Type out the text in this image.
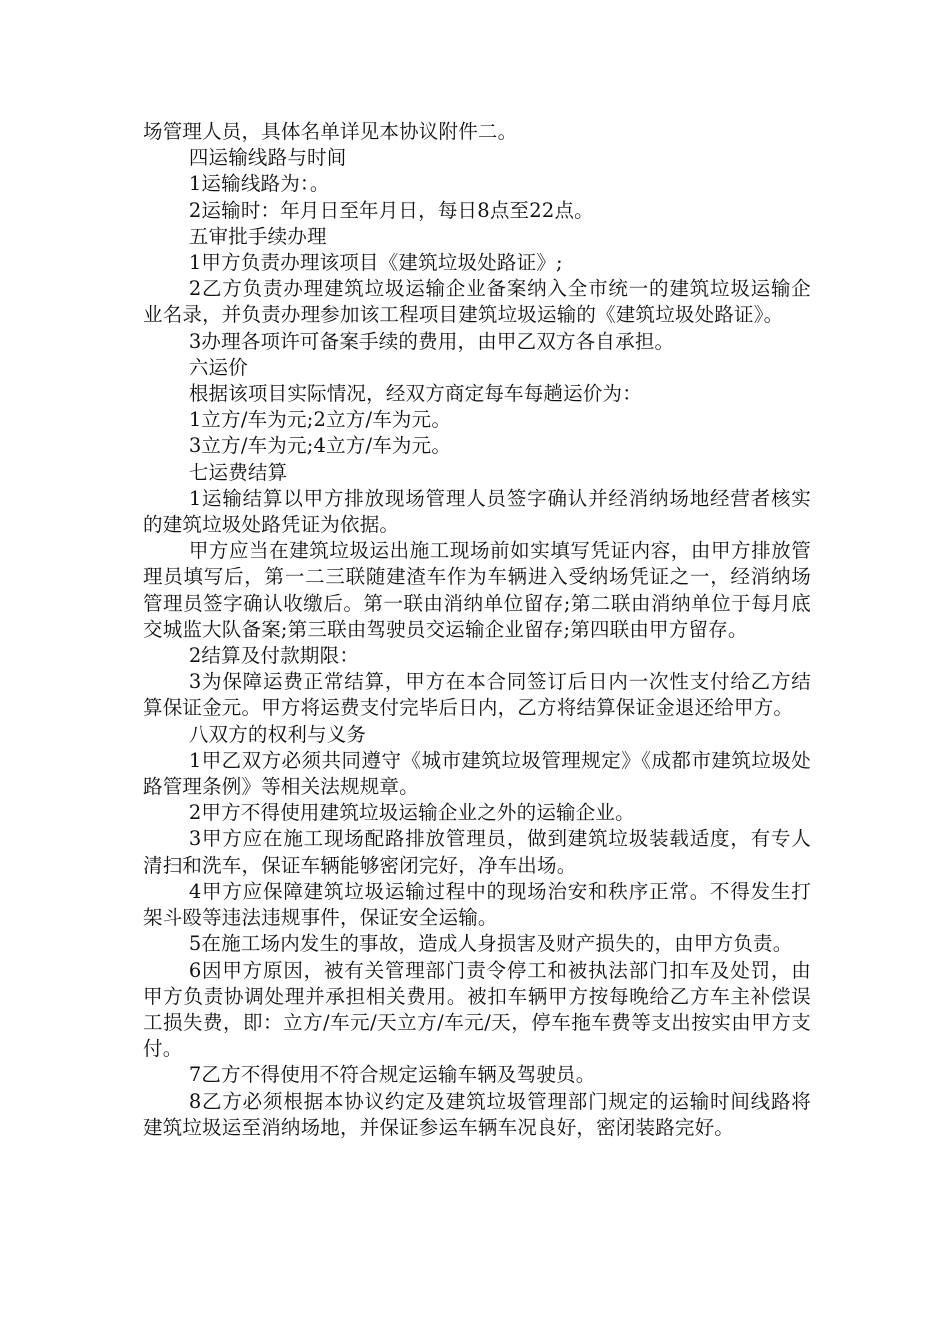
场管理人员，具体名单详见本协议附件二。

四运输线路与时间

1运输线路为：。

2运输时：年月日至年月日，每日8点至22点。

五审批手续办理

1甲方负责办理该项目《建筑垃圾处路证》;

2乙方负责办理建筑垃圾运输企业备案纳入全市统一的建筑垃圾运输企业名录，并负责办理参加该工程项目建筑垃圾运输的《建筑垃圾处路证》。

3办理各项许可备案手续的费用，由甲乙双方各自承担。

六运价

根据该项目实际情况，经双方商定每车每趟运价为：

1立方/车为元;2立方/车为元。

3立方/车为元;4立方/车为元。

七运费结算

1运输结算以甲方排放现场管理人员签字确认并经消纳场地经营者核实的建筑垃圾处路凭证为依据。

甲方应当在建筑垃圾运出施工现场前如实填写凭证内容，由甲方排放管理员填写后，第一二三联随建渣车作为车辆进入受纳场凭证之一，经消纳场管理员签字确认收缴后。第一联由消纳单位留存;第二联由消纳单位于每月底交城监大队备案;第三联由驾驶员交运输企业留存;第四联由甲方留存。

2结算及付款期限：

3为保障运费正常结算，甲方在本合同签订后日内一次性支付给乙方结算保证金元。甲方将运费支付完毕后日内，乙方将结算保证金退还给甲方。

八双方的权利与义务

1甲乙双方必须共同遵守《城市建筑垃圾管理规定》《成都市建筑垃圾处路管理条例》等相关法规规章。

2甲方不得使用建筑垃圾运输企业之外的运输企业。

3甲方应在施工现场配路排放管理员，做到建筑垃圾装载适度，有专人清扫和洗车，保证车辆能够密闭完好，净车出场。

4甲方应保障建筑垃圾运输过程中的现场治安和秩序正常。不得发生打架斗殴等违法违规事件，保证安全运输。

5在施工场内发生的事故，造成人身损害及财产损失的，由甲方负责。

6因甲方原因，被有关管理部门责令停工和被执法部门扣车及处罚，由甲方负责协调处理并承担相关费用。被扣车辆甲方按每晚给乙方车主补偿误工损失费，即：立方/车元/天立方/车元/天，停车拖车费等支出按实由甲方支付。

7乙方不得使用不符合规定运输车辆及驾驶员。

8乙方必须根据本协议约定及建筑垃圾管理部门规定的运输时间线路将建筑垃圾运至消纳场地，并保证参运车辆车况良好，密闭装路完好。
